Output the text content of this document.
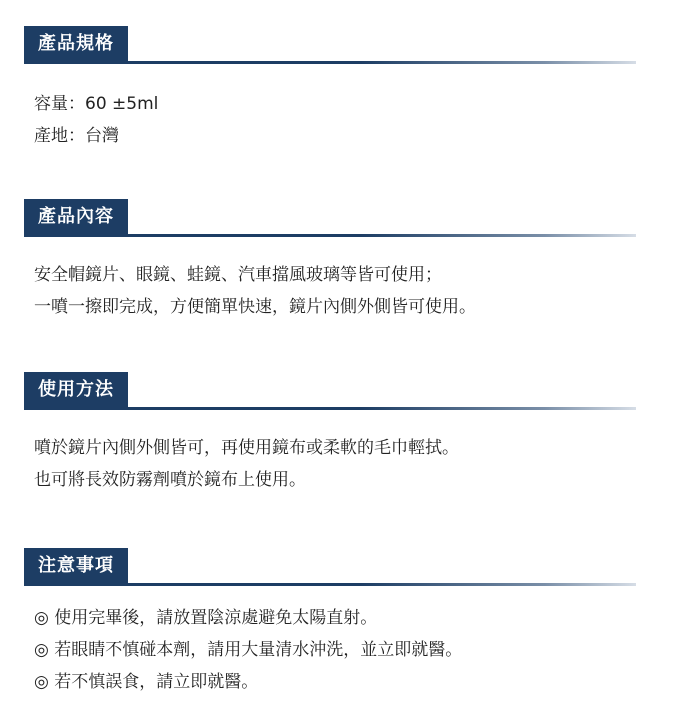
產品規格
容量：60 ±5ml
產地：台灣
產品內容
安全帽鏡片、眼鏡、蛙鏡、汽車擋風玻璃等皆可使用；
一噴一擦即完成，方便簡單快速，鏡片內側外側皆可使用。
使用方法
噴於鏡片內側外側皆可，再使用鏡布或柔軟的毛巾輕拭。
也可將長效防霧劑噴於鏡布上使用。
注意事項
◎ 使用完畢後，請放置陰涼處避免太陽直射。
◎ 若眼睛不慎碰本劑，請用大量清水沖洗，並立即就醫。
◎ 若不慎誤食，請立即就醫。
